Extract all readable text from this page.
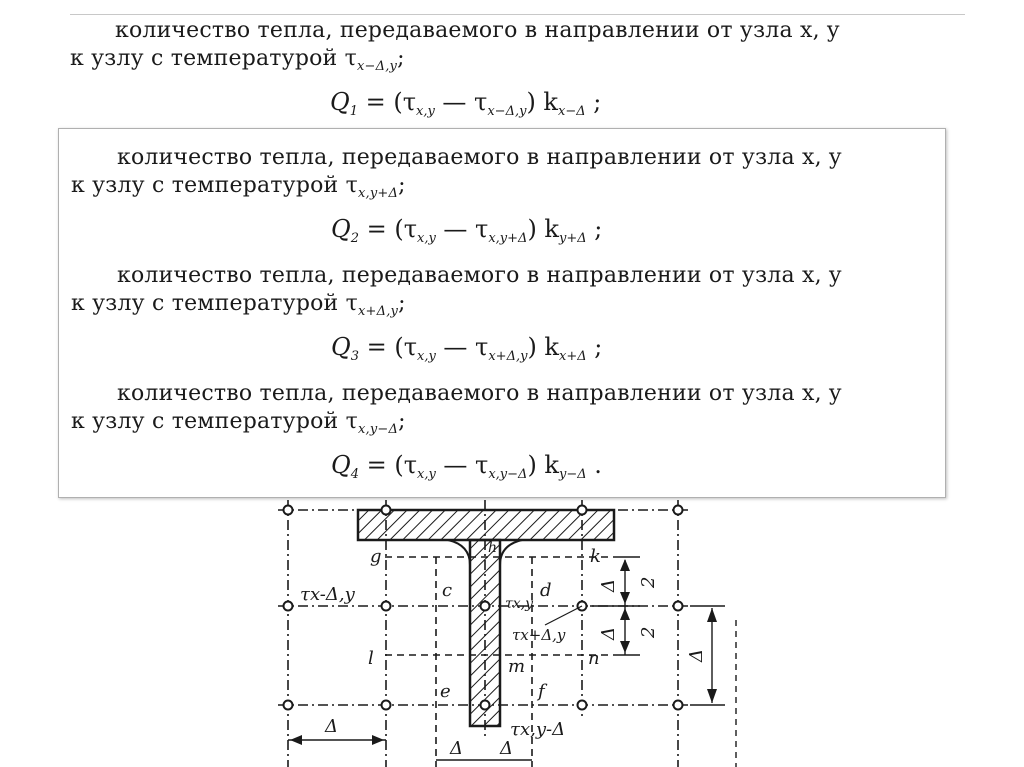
количество тепла, передаваемого в направлении от узла x, y
к узлу с температурой $\tau_{x-\Delta,y}$;
$Q_1 = (\tau_{x,y}$ — $\tau_{x-\Delta,y}$) $k_{x-\Delta}$ ;
количество тепла, передаваемого в направлении от узла x, y
к узлу с температурой $\tau_{x,y+\Delta}$;
$Q_2 = (\tau_{x,y}$ — $\tau_{x,y+\Delta}$) $k_{y+\Delta}$ ;
количество тепла, передаваемого в направлении от узла x, y
к узлу с температурой $\tau_{x+\Delta,y}$;
$Q_3 = (\tau_{x,y}$ — $\tau_{x+\Delta,y}$) $k_{x+\Delta}$ ;
количество тепла, передаваемого в направлении от узла x, y
к узлу с температурой $\tau_{x,y-\Delta}$;
$Q_4 = (\tau_{x,y}$ — $\tau_{x,y-\Delta}$) $k_{y-\Delta}$ .
g	h	k
c	d
l	n
m
e	f
τx-Δ,y	τx,y
τx+Δ,y
τx,y-Δ
Δ
Δ Δ
Δ
Δ
2
2
Δ
